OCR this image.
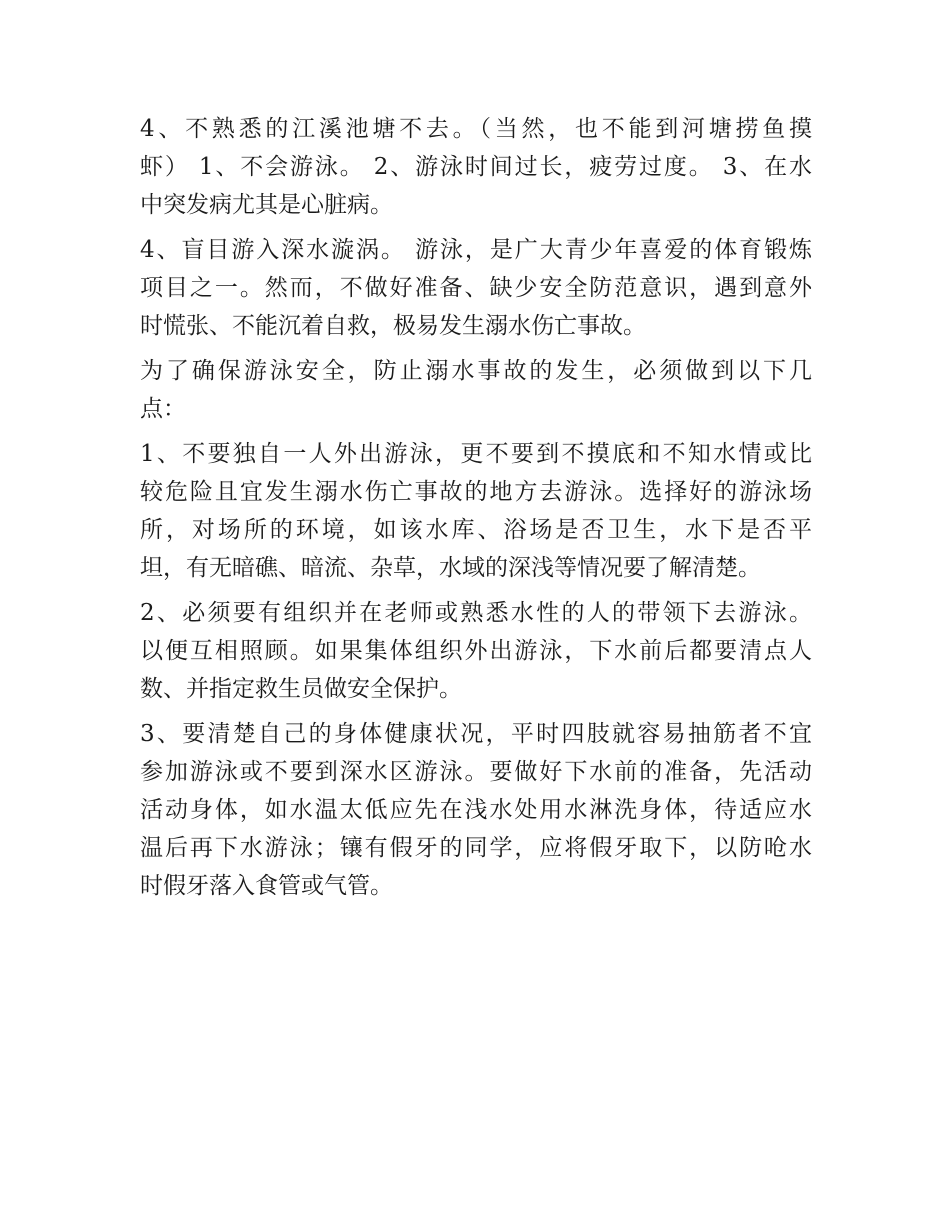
4、不熟悉的江溪池塘不去。（当然，也不能到河塘捞鱼摸
虾） 1、不会游泳。 2、游泳时间过长，疲劳过度。 3、在水
中突发病尤其是心脏病。
4、盲目游入深水漩涡。 游泳，是广大青少年喜爱的体育锻炼
项目之一。然而，不做好准备、缺少安全防范意识，遇到意外
时慌张、不能沉着自救，极易发生溺水伤亡事故。
为了确保游泳安全，防止溺水事故的发生，必须做到以下几
点：
1、不要独自一人外出游泳，更不要到不摸底和不知水情或比
较危险且宜发生溺水伤亡事故的地方去游泳。选择好的游泳场
所，对场所的环境，如该水库、浴场是否卫生，水下是否平
坦，有无暗礁、暗流、杂草，水域的深浅等情况要了解清楚。
2、必须要有组织并在老师或熟悉水性的人的带领下去游泳。
以便互相照顾。如果集体组织外出游泳，下水前后都要清点人
数、并指定救生员做安全保护。
3、要清楚自己的身体健康状况，平时四肢就容易抽筋者不宜
参加游泳或不要到深水区游泳。要做好下水前的准备，先活动
活动身体，如水温太低应先在浅水处用水淋洗身体，待适应水
温后再下水游泳；镶有假牙的同学，应将假牙取下，以防呛水
时假牙落入食管或气管。
